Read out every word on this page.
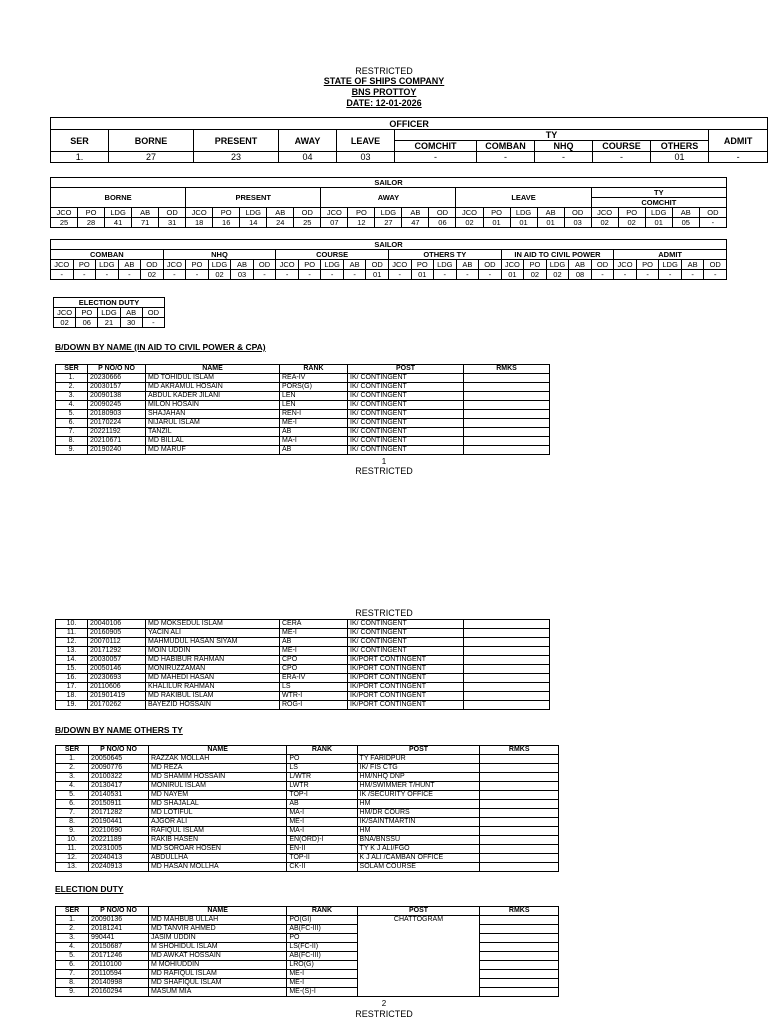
RESTRICTED
STATE OF SHIPS COMPANY
BNS PROTTOY
DATE: 12-01-2026
OFFICER										
SER	BORNE	PRESENT	AWAY	LEAVE	TY					ADMIT
					COMCHIT	COMBAN	NHQ	COURSE	OTHERS	
1.	27	23	04	03	-	-	-	-	01	-
SAILOR																								
BORNE					PRESENT					AWAY					LEAVE					TY				
																				COMCHIT				
JCO	PO	LDG	AB	OD	JCO	PO	LDG	AB	OD	JCO	PO	LDG	AB	OD	JCO	PO	LDG	AB	OD	JCO	PO	LDG	AB	OD
25	28	41	71	31	18	16	14	24	25	07	12	27	47	06	02	01	01	01	03	02	02	01	05	-
SAILOR																													
COMBAN					NHQ					COURSE					OTHERS TY					IN AID TO CIVIL POWER					ADMIT				
JCO	PO	LDG	AB	OD	JCO	PO	LDG	AB	OD	JCO	PO	LDG	AB	OD	JCO	PO	LDG	AB	OD	JCO	PO	LDG	AB	OD	JCO	PO	LDG	AB	OD
-	-	-	-	02	-	-	02	03	-	-	-	-	-	01	-	01	-	-	-	01	02	02	08	-	-	-	-	-	-
ELECTION DUTY				
JCO	PO	LDG	AB	OD
02	06	21	30	-
B/DOWN BY NAME (IN AID TO CIVIL POWER & CPA)
SER	P NO/O NO	NAME	RANK	POST	RMKS
1.	20230666	MD TOHIDUL ISLAM	REA-IV	IK/ CONTINGENT	
2.	20030157	MD AKRAMUL HOSAIN	PORS(G)	IK/ CONTINGENT	
3.	20090138	ABDUL KADER JILANI	LEN	IK/ CONTINGENT	
4.	20090245	MILON HOSAIN	LEN	IK/ CONTINGENT	
5.	20180903	SHAJAHAN	REN-I	IK/ CONTINGENT	
6.	20170224	NIJARUL ISLAM	ME-I	IK/ CONTINGENT	
7.	20221192	TANZIL	AB	IK/ CONTINGENT	
8.	20210671	MD BILLAL	MA-I	IK/ CONTINGENT	
9.	20190240	MD MARUF	AB	IK/ CONTINGENT	
1
RESTRICTED
RESTRICTED
10.	20040106	MD MOKSEDUL ISLAM	CERA	IK/ CONTINGENT	
11.	20160905	YACIN ALI	ME-I	IK/ CONTINGENT	
12.	20070112	MAHMUDUL HASAN SIYAM	AB	IK/ CONTINGENT	
13.	20171292	MOIN UDDIN	ME-I	IK/ CONTINGENT	
14.	20030057	MD HABIBUR RAHMAN	CPO	IK/PORT CONTINGENT	
15.	20050146	MONIRUZZAMAN	CPO	IK/PORT CONTINGENT	
16.	20230693	MD MAHEDI HASAN	ERA-IV	IK/PORT CONTINGENT	
17.	20110606	KHALILUR RAHMAN	LS	IK/PORT CONTINGENT	
18.	201901419	MD RAKIBUL ISLAM	WTR-I	IK/PORT CONTINGENT	
19.	20170262	BAYEZID HOSSAIN	ROG-I	IK/PORT CONTINGENT	
B/DOWN BY NAME OTHERS TY
SER	P NO/O NO	NAME	RANK	POST	RMKS
1.	20050645	RAZZAK MOLLAH	PO	TY FARIDPUR	
2.	20090776	MD REZA	LS	IK/ FIS CTG	
3.	20100322	MD SHAMIM HOSSAIN	L/WTR	HM/NHQ DNP	
4.	20130417	MONIRUL ISLAM	LWTR	HM/SWIMMER T/HUNT	
5.	20140531	MD NAYEM	TOP-I	IK /SECURITY OFFICE	
6.	20150911	MD SHAJALAL	AB	HM	
7.	20171282	MD LOTIFUL	MA-I	HM/DR COURS	
8.	20190441	AJGOR ALI	ME-I	IK/SAINTMARTIN	
9.	20210690	RAFIQUL ISLAM	MA-I	HM	
10.	20221189	RAKIB HASEN	EN(ORD)-I	BNA/BNSSU	
11.	20231005	MD SOROAR HOSEN	EN-II	TY K J ALI/FGO	
12.	20240413	ABDULLHA	TOP-II	K J ALI /CAMBAN OFFICE	
13.	20240913	MD HASAN MOLLHA	CK-II	SOLAM COURSE	
ELECTION DUTY
SER	P NO/O NO	NAME	RANK	POST	RMKS
1.	20090136	MD MAHBUB ULLAH	PO(GI)	CHATTOGRAM	
2.	20181241	MD TANVIR AHMED	AB(FC-III)		
3.	990441	JASIM UDDIN	PO		
4.	20150687	M SHOHIDUL ISLAM	LS(FC-II)		
5.	20171246	MD AWKAT HOSSAIN	AB(FC-III)		
6.	20110100	M MOHIUDDIN	LRO(G)		
7.	20110594	MD RAFIQUL ISLAM	ME-I		
8.	20140998	MD SHAFIQUL ISLAM	ME-I		
9.	20160294	MASUM MIA	ME-(S)-I		
2
RESTRICTED
